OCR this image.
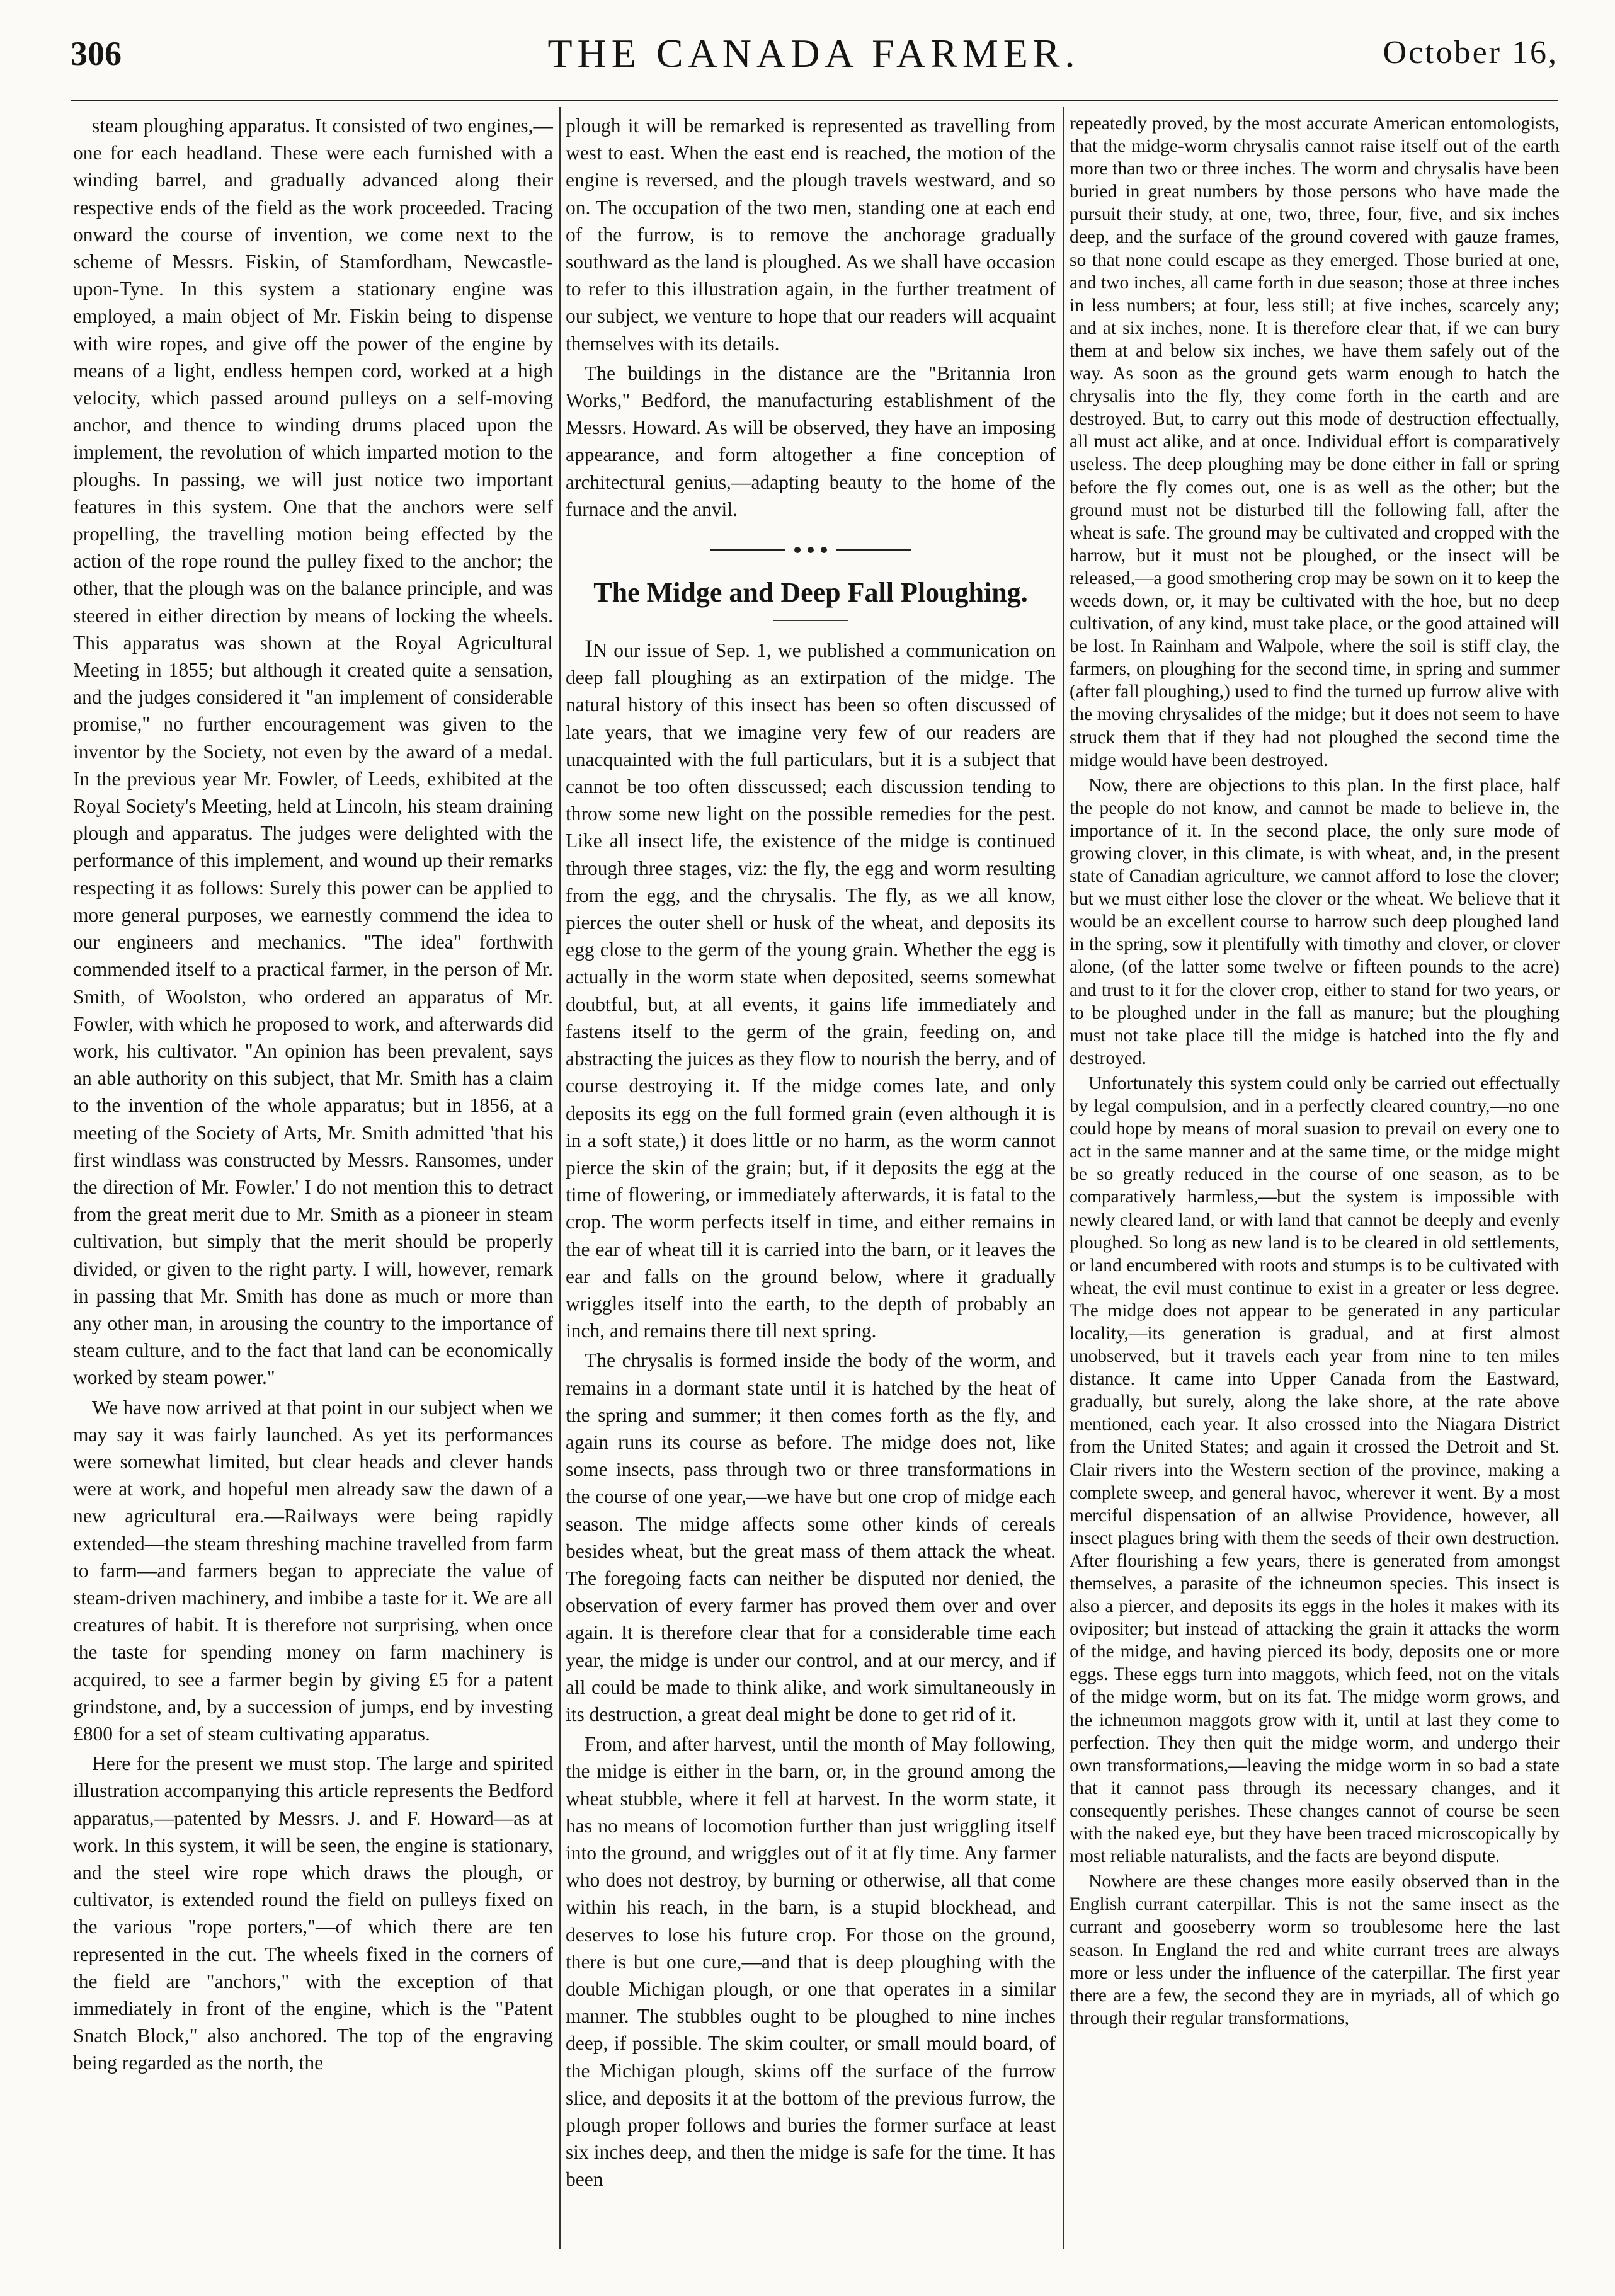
306	THE CANADA FARMER.	October 16,

steam ploughing apparatus. It consisted of two engines,—one for each headland. These were each furnished with a winding barrel, and gradually advanced along their respective ends of the field as the work proceeded. Tracing onward the course of invention, we come next to the scheme of Messrs. Fiskin, of Stamfordham, Newcastle-upon-Tyne. In this system a stationary engine was employed, a main object of Mr. Fiskin being to dispense with wire ropes, and give off the power of the engine by means of a light, endless hempen cord, worked at a high velocity, which passed around pulleys on a self-moving anchor, and thence to winding drums placed upon the implement, the revolution of which imparted motion to the ploughs. In passing, we will just notice two important features in this system. One that the anchors were self propelling, the travelling motion being effected by the action of the rope round the pulley fixed to the anchor; the other, that the plough was on the balance principle, and was steered in either direction by means of locking the wheels. This apparatus was shown at the Royal Agricultural Meeting in 1855; but although it created quite a sensation, and the judges considered it "an implement of considerable promise," no further encouragement was given to the inventor by the Society, not even by the award of a medal. In the previous year Mr. Fowler, of Leeds, exhibited at the Royal Society's Meeting, held at Lincoln, his steam draining plough and apparatus. The judges were delighted with the performance of this implement, and wound up their remarks respecting it as follows: Surely this power can be applied to more general purposes, we earnestly commend the idea to our engineers and mechanics. "The idea" forthwith commended itself to a practical farmer, in the person of Mr. Smith, of Woolston, who ordered an apparatus of Mr. Fowler, with which he proposed to work, and afterwards did work, his cultivator. "An opinion has been prevalent, says an able authority on this subject, that Mr. Smith has a claim to the invention of the whole apparatus; but in 1856, at a meeting of the Society of Arts, Mr. Smith admitted 'that his first windlass was constructed by Messrs. Ransomes, under the direction of Mr. Fowler.' I do not mention this to detract from the great merit due to Mr. Smith as a pioneer in steam cultivation, but simply that the merit should be properly divided, or given to the right party. I will, however, remark in passing that Mr. Smith has done as much or more than any other man, in arousing the country to the importance of steam culture, and to the fact that land can be economically worked by steam power."

We have now arrived at that point in our subject when we may say it was fairly launched. As yet its performances were somewhat limited, but clear heads and clever hands were at work, and hopeful men already saw the dawn of a new agricultural era.—Railways were being rapidly extended—the steam threshing machine travelled from farm to farm—and farmers began to appreciate the value of steam-driven machinery, and imbibe a taste for it. We are all creatures of habit. It is therefore not surprising, when once the taste for spending money on farm machinery is acquired, to see a farmer begin by giving £5 for a patent grindstone, and, by a succession of jumps, end by investing £800 for a set of steam cultivating apparatus.

Here for the present we must stop. The large and spirited illustration accompanying this article represents the Bedford apparatus,—patented by Messrs. J. and F. Howard—as at work. In this system, it will be seen, the engine is stationary, and the steel wire rope which draws the plough, or cultivator, is extended round the field on pulleys fixed on the various "rope porters,"—of which there are ten represented in the cut. The wheels fixed in the corners of the field are "anchors," with the exception of that immediately in front of the engine, which is the "Patent Snatch Block," also anchored. The top of the engraving being regarded as the north, the

plough it will be remarked is represented as travelling from west to east. When the east end is reached, the motion of the engine is reversed, and the plough travels westward, and so on. The occupation of the two men, standing one at each end of the furrow, is to remove the anchorage gradually southward as the land is ploughed. As we shall have occasion to refer to this illustration again, in the further treatment of our subject, we venture to hope that our readers will acquaint themselves with its details.

The buildings in the distance are the "Britannia Iron Works," Bedford, the manufacturing establishment of the Messrs. Howard. As will be observed, they have an imposing appearance, and form altogether a fine conception of architectural genius,—adapting beauty to the home of the furnace and the anvil.

The Midge and Deep Fall Ploughing.

IN our issue of Sep. 1, we published a communication on deep fall ploughing as an extirpation of the midge. The natural history of this insect has been so often discussed of late years, that we imagine very few of our readers are unacquainted with the full particulars, but it is a subject that cannot be too often disscussed; each discussion tending to throw some new light on the possible remedies for the pest. Like all insect life, the existence of the midge is continued through three stages, viz: the fly, the egg and worm resulting from the egg, and the chrysalis. The fly, as we all know, pierces the outer shell or husk of the wheat, and deposits its egg close to the germ of the young grain. Whether the egg is actually in the worm state when deposited, seems somewhat doubtful, but, at all events, it gains life immediately and fastens itself to the germ of the grain, feeding on, and abstracting the juices as they flow to nourish the berry, and of course destroying it. If the midge comes late, and only deposits its egg on the full formed grain (even although it is in a soft state,) it does little or no harm, as the worm cannot pierce the skin of the grain; but, if it deposits the egg at the time of flowering, or immediately afterwards, it is fatal to the crop. The worm perfects itself in time, and either remains in the ear of wheat till it is carried into the barn, or it leaves the ear and falls on the ground below, where it gradually wriggles itself into the earth, to the depth of probably an inch, and remains there till next spring.

The chrysalis is formed inside the body of the worm, and remains in a dormant state until it is hatched by the heat of the spring and summer; it then comes forth as the fly, and again runs its course as before. The midge does not, like some insects, pass through two or three transformations in the course of one year,—we have but one crop of midge each season. The midge affects some other kinds of cereals besides wheat, but the great mass of them attack the wheat. The foregoing facts can neither be disputed nor denied, the observation of every farmer has proved them over and over again. It is therefore clear that for a considerable time each year, the midge is under our control, and at our mercy, and if all could be made to think alike, and work simultaneously in its destruction, a great deal might be done to get rid of it.

From, and after harvest, until the month of May following, the midge is either in the barn, or, in the ground among the wheat stubble, where it fell at harvest. In the worm state, it has no means of locomotion further than just wriggling itself into the ground, and wriggles out of it at fly time. Any farmer who does not destroy, by burning or otherwise, all that come within his reach, in the barn, is a stupid blockhead, and deserves to lose his future crop. For those on the ground, there is but one cure,—and that is deep ploughing with the double Michigan plough, or one that operates in a similar manner. The stubbles ought to be ploughed to nine inches deep, if possible. The skim coulter, or small mould board, of the Michigan plough, skims off the surface of the furrow slice, and deposits it at the bottom of the previous furrow, the plough proper follows and buries the former surface at least six inches deep, and then the midge is safe for the time. It has been

repeatedly proved, by the most accurate American entomologists, that the midge-worm chrysalis cannot raise itself out of the earth more than two or three inches. The worm and chrysalis have been buried in great numbers by those persons who have made the pursuit their study, at one, two, three, four, five, and six inches deep, and the surface of the ground covered with gauze frames, so that none could escape as they emerged. Those buried at one, and two inches, all came forth in due season; those at three inches in less numbers; at four, less still; at five inches, scarcely any; and at six inches, none. It is therefore clear that, if we can bury them at and below six inches, we have them safely out of the way. As soon as the ground gets warm enough to hatch the chrysalis into the fly, they come forth in the earth and are destroyed. But, to carry out this mode of destruction effectually, all must act alike, and at once. Individual effort is comparatively useless. The deep ploughing may be done either in fall or spring before the fly comes out, one is as well as the other; but the ground must not be disturbed till the following fall, after the wheat is safe. The ground may be cultivated and cropped with the harrow, but it must not be ploughed, or the insect will be released,—a good smothering crop may be sown on it to keep the weeds down, or, it may be cultivated with the hoe, but no deep cultivation, of any kind, must take place, or the good attained will be lost. In Rainham and Walpole, where the soil is stiff clay, the farmers, on ploughing for the second time, in spring and summer (after fall ploughing,) used to find the turned up furrow alive with the moving chrysalides of the midge; but it does not seem to have struck them that if they had not ploughed the second time the midge would have been destroyed.

Now, there are objections to this plan. In the first place, half the people do not know, and cannot be made to believe in, the importance of it. In the second place, the only sure mode of growing clover, in this climate, is with wheat, and, in the present state of Canadian agriculture, we cannot afford to lose the clover; but we must either lose the clover or the wheat. We believe that it would be an excellent course to harrow such deep ploughed land in the spring, sow it plentifully with timothy and clover, or clover alone, (of the latter some twelve or fifteen pounds to the acre) and trust to it for the clover crop, either to stand for two years, or to be ploughed under in the fall as manure; but the ploughing must not take place till the midge is hatched into the fly and destroyed.

Unfortunately this system could only be carried out effectually by legal compulsion, and in a perfectly cleared country,—no one could hope by means of moral suasion to prevail on every one to act in the same manner and at the same time, or the midge might be so greatly reduced in the course of one season, as to be comparatively harmless,—but the system is impossible with newly cleared land, or with land that cannot be deeply and evenly ploughed. So long as new land is to be cleared in old settlements, or land encumbered with roots and stumps is to be cultivated with wheat, the evil must continue to exist in a greater or less degree. The midge does not appear to be generated in any particular locality,—its generation is gradual, and at first almost unobserved, but it travels each year from nine to ten miles distance. It came into Upper Canada from the Eastward, gradually, but surely, along the lake shore, at the rate above mentioned, each year. It also crossed into the Niagara District from the United States; and again it crossed the Detroit and St. Clair rivers into the Western section of the province, making a complete sweep, and general havoc, wherever it went. By a most merciful dispensation of an allwise Providence, however, all insect plagues bring with them the seeds of their own destruction. After flourishing a few years, there is generated from amongst themselves, a parasite of the ichneumon species. This insect is also a piercer, and deposits its eggs in the holes it makes with its ovipositer; but instead of attacking the grain it attacks the worm of the midge, and having pierced its body, deposits one or more eggs. These eggs turn into maggots, which feed, not on the vitals of the midge worm, but on its fat. The midge worm grows, and the ichneumon maggots grow with it, until at last they come to perfection. They then quit the midge worm, and undergo their own transformations,—leaving the midge worm in so bad a state that it cannot pass through its necessary changes, and it consequently perishes. These changes cannot of course be seen with the naked eye, but they have been traced microscopically by most reliable naturalists, and the facts are beyond dispute.

Nowhere are these changes more easily observed than in the English currant caterpillar. This is not the same insect as the currant and gooseberry worm so troublesome here the last season. In England the red and white currant trees are always more or less under the influence of the caterpillar. The first year there are a few, the second they are in myriads, all of which go through their regular transformations,
